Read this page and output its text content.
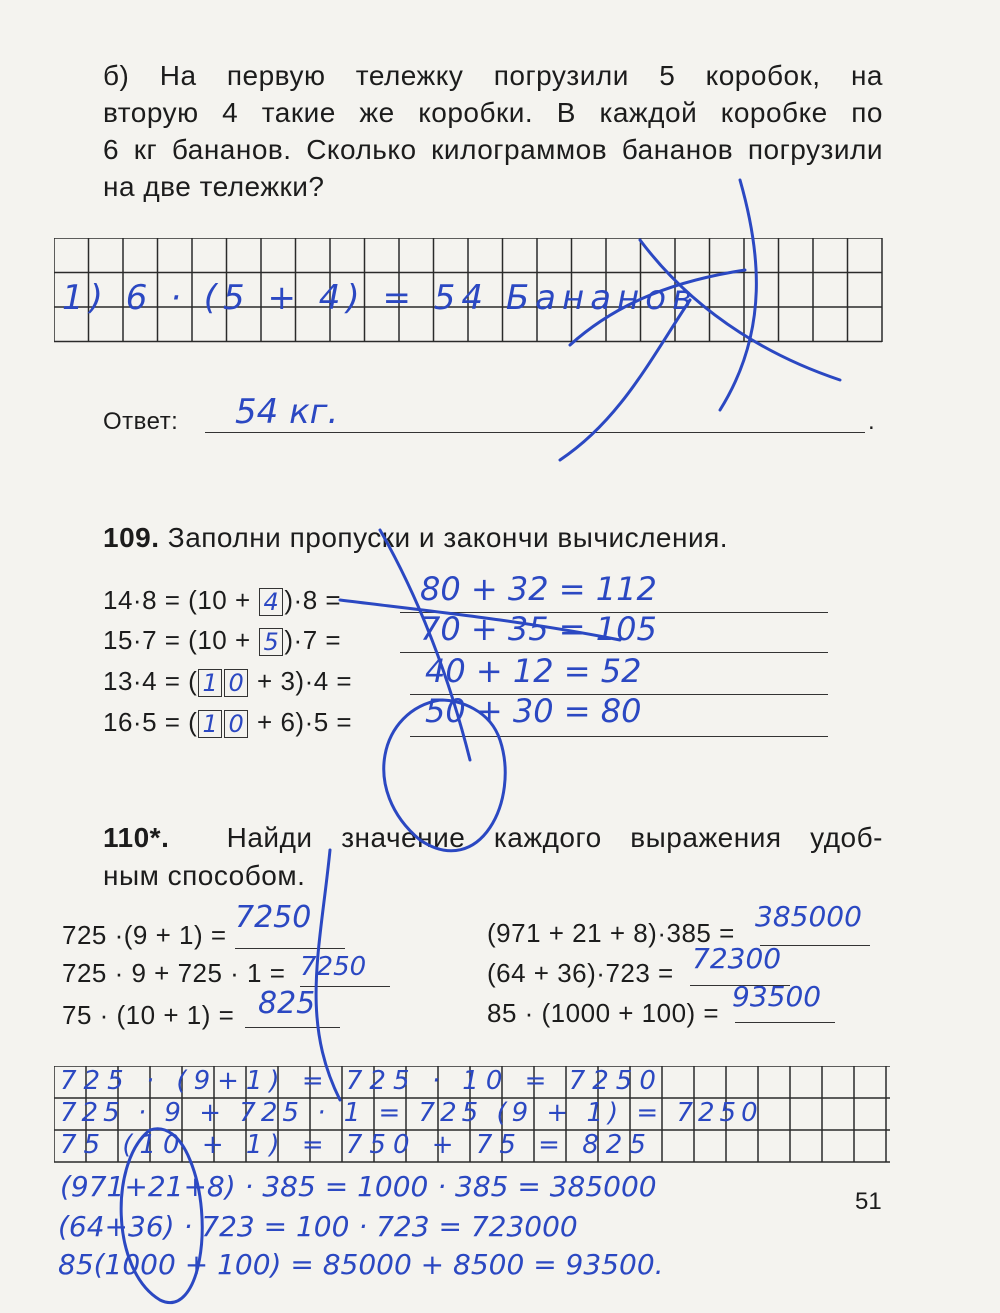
б) На первую тележку погрузили 5 коробок, на
вторую 4 такие же коробки. В каждой коробке по
6 кг бананов. Сколько килограммов бананов погрузили
на две тележки?
1) 6 · (5 + 4) = 54 Бананов
Ответ:	.
54 кг.
109. Заполни пропуски и закончи вычисления.
14·8 = (10 + 4 )·8 = 80 + 32 = 112
15·7 = (10 + 5 )·7 = 70 + 35 = 105
13·4 = ( 1 0 + 3)·4 = 40 + 12 = 52
16·5 = ( 1 0 + 6)·5 = 50 + 30 = 80
110*. Найди значение каждого выражения удоб-
ным способом.
725 ·(9 + 1) = 7250
725 · 9 + 725 · 1 = 7250
75 · (10 + 1) = 825
(971 + 21 + 8)·385 = 385000
(64 + 36)·723 = 72300
85 · (1000 + 100) = 93500
725 · (9+1) = 725 · 10 = 7250
725 · 9 + 725 · 1 = 725 (9 + 1) = 7250
75 (10 + 1) = 750 + 75 = 825
(971+21+8) · 385 = 1000 · 385 = 385000
(64+36) · 723 = 100 · 723 = 723000
85(1000 + 100) = 85000 + 8500 = 93500.
51
